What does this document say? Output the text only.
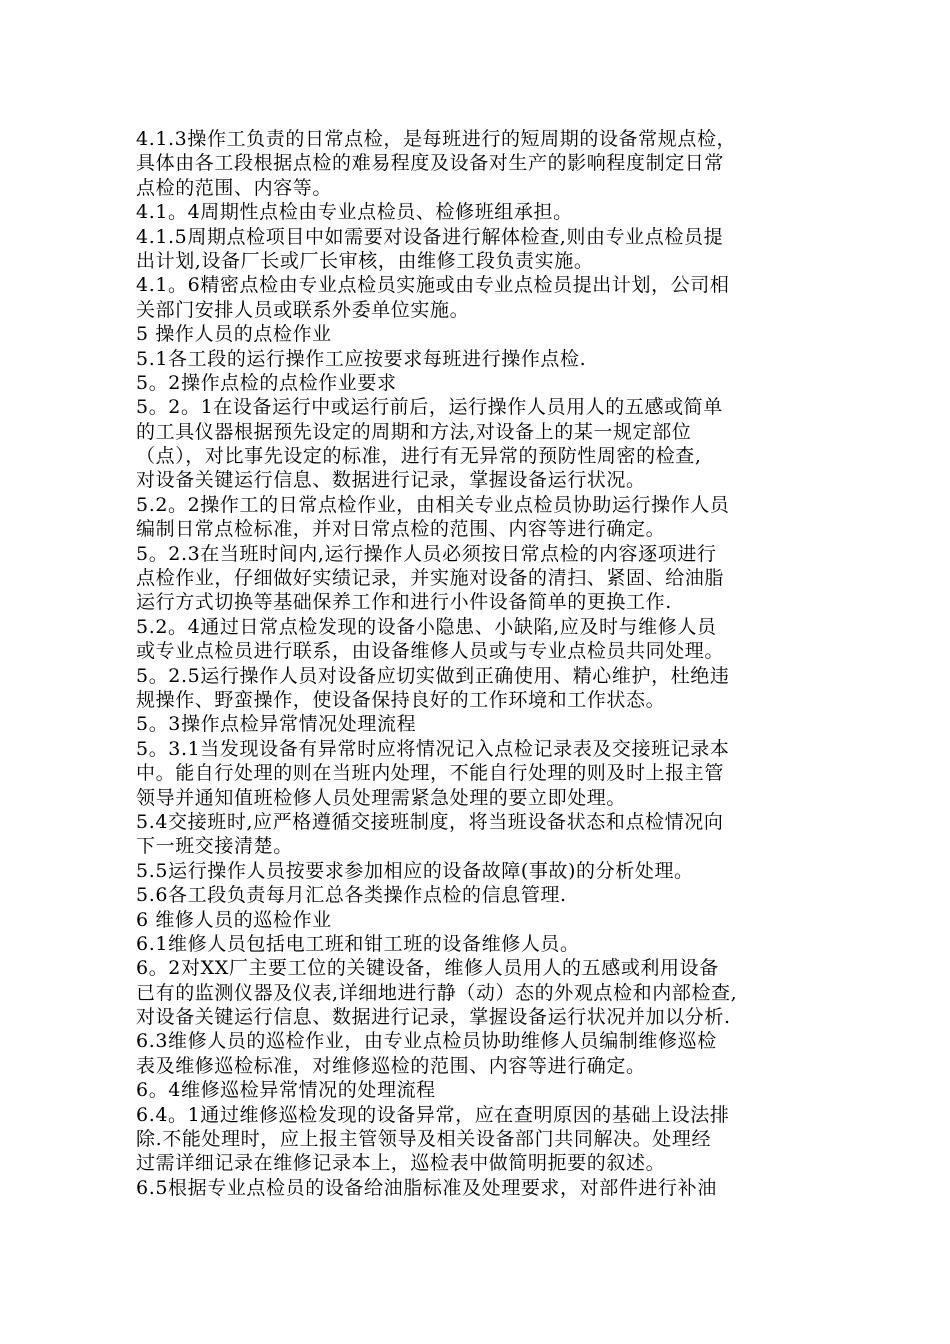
4.1.3操作工负责的日常点检，是每班进行的短周期的设备常规点检，
具体由各工段根据点检的难易程度及设备对生产的影响程度制定日常
点检的范围、内容等。
4.1。4周期性点检由专业点检员、检修班组承担。
4.1.5周期点检项目中如需要对设备进行解体检查,则由专业点检员提
出计划,设备厂长或厂长审核，由维修工段负责实施。
4.1。6精密点检由专业点检员实施或由专业点检员提出计划，公司相
关部门安排人员或联系外委单位实施。
5 操作人员的点检作业
5.1各工段的运行操作工应按要求每班进行操作点检.
5。2操作点检的点检作业要求
5。2。1在设备运行中或运行前后，运行操作人员用人的五感或简单
的工具仪器根据预先设定的周期和方法,对设备上的某一规定部位
（点），对比事先设定的标准，进行有无异常的预防性周密的检查,
对设备关键运行信息、数据进行记录，掌握设备运行状况。
5.2。2操作工的日常点检作业，由相关专业点检员协助运行操作人员
编制日常点检标准，并对日常点检的范围、内容等进行确定。
5。2.3在当班时间内,运行操作人员必须按日常点检的内容逐项进行
点检作业，仔细做好实绩记录，并实施对设备的清扫、紧固、给油脂
运行方式切换等基础保养工作和进行小件设备简单的更换工作.
5.2。4通过日常点检发现的设备小隐患、小缺陷,应及时与维修人员
或专业点检员进行联系，由设备维修人员或与专业点检员共同处理。
5。2.5运行操作人员对设备应切实做到正确使用、精心维护，杜绝违
规操作、野蛮操作，使设备保持良好的工作环境和工作状态。
5。3操作点检异常情况处理流程
5。3.1当发现设备有异常时应将情况记入点检记录表及交接班记录本
中。能自行处理的则在当班内处理，不能自行处理的则及时上报主管
领导并通知值班检修人员处理需紧急处理的要立即处理。
5.4交接班时,应严格遵循交接班制度，将当班设备状态和点检情况向
下一班交接清楚。
5.5运行操作人员按要求参加相应的设备故障(事故)的分析处理。
5.6各工段负责每月汇总各类操作点检的信息管理.
6 维修人员的巡检作业
6.1维修人员包括电工班和钳工班的设备维修人员。
6。2对XX厂主要工位的关键设备，维修人员用人的五感或利用设备
已有的监测仪器及仪表,详细地进行静（动）态的外观点检和内部检查,
对设备关键运行信息、数据进行记录，掌握设备运行状况并加以分析.
6.3维修人员的巡检作业，由专业点检员协助维修人员编制维修巡检
表及维修巡检标准，对维修巡检的范围、内容等进行确定。
6。4维修巡检异常情况的处理流程
6.4。1通过维修巡检发现的设备异常，应在查明原因的基础上设法排
除.不能处理时，应上报主管领导及相关设备部门共同解决。处理经
过需详细记录在维修记录本上，巡检表中做简明扼要的叙述。
6.5根据专业点检员的设备给油脂标准及处理要求，对部件进行补油
